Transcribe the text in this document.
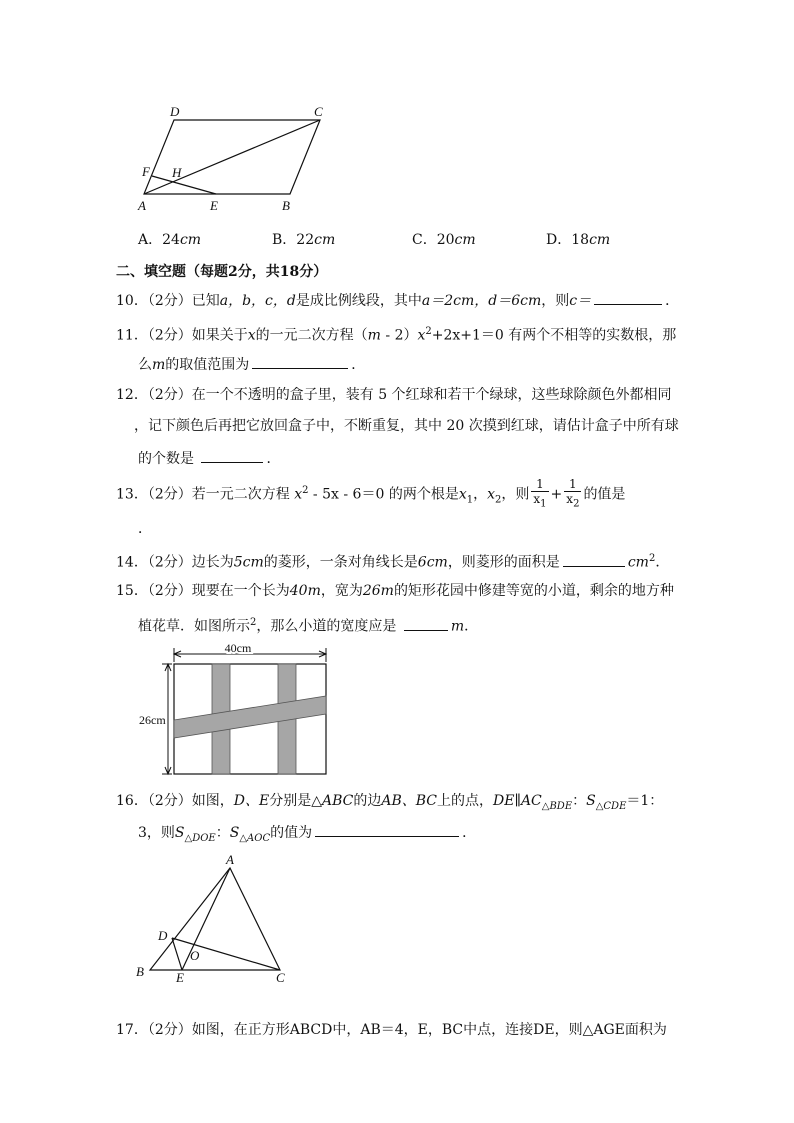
D	C
F H
A	E	B
A．24cm	B．22cm	C．20cm	D．18cm
二、填空题（每题2分，共18分）
10．（2分）已知a，b，c，d是成比例线段，其中a＝2cm，d＝6cm，则c＝	．
11．（2分）如果关于x的一元二次方程$(m - 2)x^2+2x+1=0$ 有两个不相等的实数根，那
么m的取值范围为	．
12．（2分）在一个不透明的盒子里，装有 5 个红球和若干个绿球，这些球除颜色外都相同
，记下颜色后再把它放回盒子中，不断重复，其中 20 次摸到红球，请估计盒子中所有球
的个数是	．
13．（2分）若一元二次方程 $x^2 - 5x - 6=0$ 的两个根是$x_1$，$x_2$，则 $\frac{1}{x_1} + \frac{1}{x_2}$ 的值是
．
14．（2分）边长为5cm的菱形，一条对角线长是6cm，则菱形的面积是	$cm^2$．
15．（2分）现要在一个长为40m，宽为26m的矩形花园中修建等宽的小道，剩余的地方种
植花草．如图所示$^2$，那么小道的宽度应是	m．
40cm
26cm
16．（2分）如图，D、E分别是△ABC的边AB、BC上的点，$DE\parallel AC_{\triangle BDE}$：$S_{\triangle CDE}=1$：
3，则$S_{\triangle DOE}$：$S_{\triangle AOC}$的值为	．
A
D
O
B E	C
17．（2分）如图，在正方形ABCD中，AB＝4，E，BC中点，连接DE，则△AGE面积为
